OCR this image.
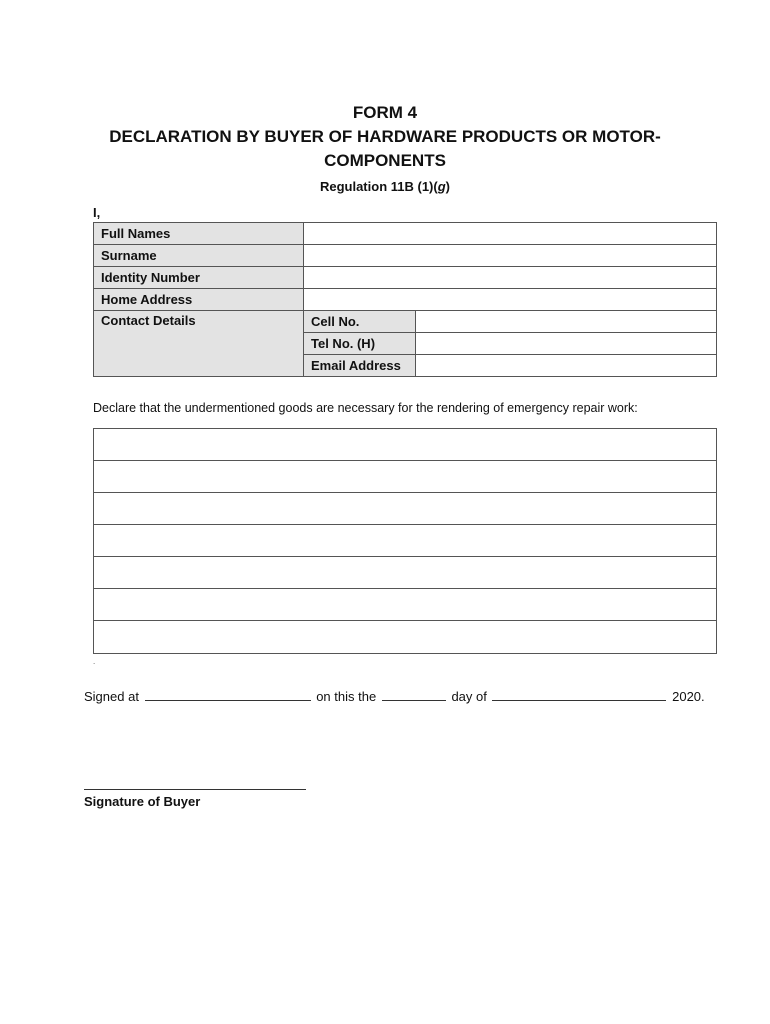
FORM 4
DECLARATION BY BUYER OF HARDWARE PRODUCTS OR MOTOR-COMPONENTS
Regulation 11B (1)(g)
I,
Full Names		
Surname		
Identity Number		
Home Address		
Contact Details	Cell No.	
	Tel No. (H)	
	Email Address	
Declare that the undermentioned goods are necessary for the rendering of emergency repair work:
.
Signed at	on this the	day of	2020.
Signature of Buyer
